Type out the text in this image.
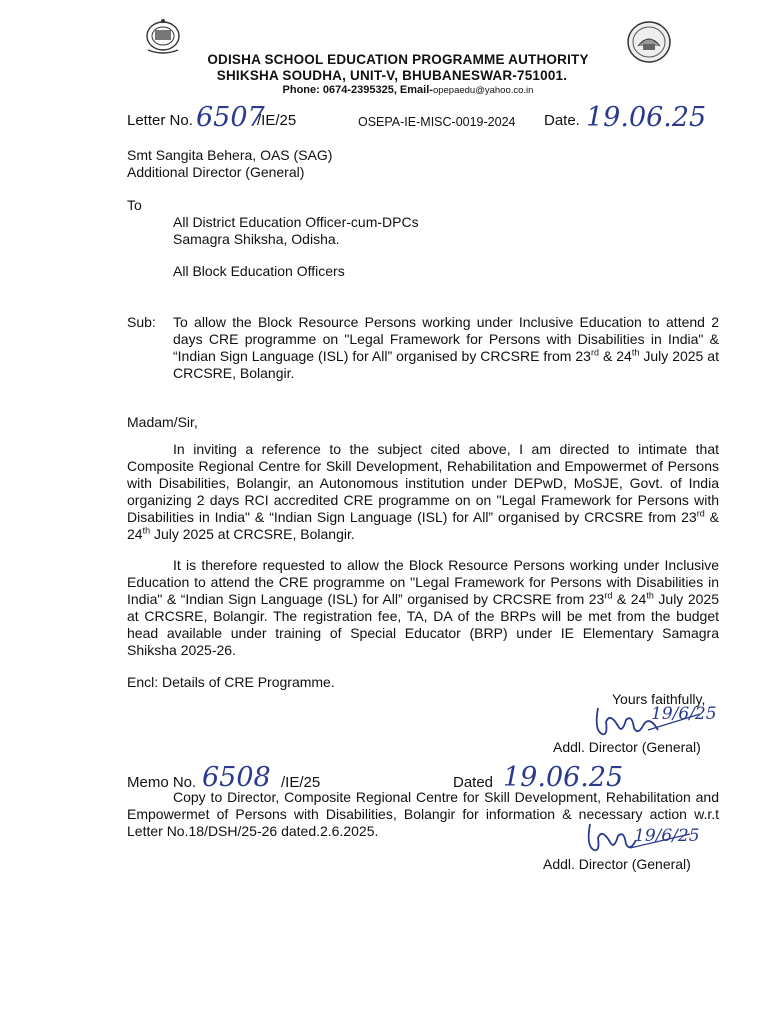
ODISHA SCHOOL EDUCATION PROGRAMME AUTHORITY
SHIKSHA SOUDHA, UNIT-V, BHUBANESWAR-751001.
Phone: 0674-2395325, Email-opepaedu@yahoo.co.in
Letter No. 6507
/IE/25	OSEPA-IE-MISC-0019-2024 Date. 19.06.25
Smt Sangita Behera, OAS (SAG)
Additional Director (General)
To
All District Education Officer-cum-DPCs
Samagra Shiksha, Odisha.
All Block Education Officers
Sub: To allow the Block Resource Persons working under Inclusive Education to attend 2 days CRE programme on "Legal Framework for Persons with Disabilities in India" & “Indian Sign Language (ISL) for All” organised by CRCSRE from 23rd & 24th July 2025 at CRCSRE, Bolangir.
Madam/Sir,
In inviting a reference to the subject cited above, I am directed to intimate that Composite Regional Centre for Skill Development, Rehabilitation and Empowermet of Persons with Disabilities, Bolangir, an Autonomous institution under DEPwD, MoSJE, Govt. of India organizing 2 days RCI accredited CRE programme on on "Legal Framework for Persons with Disabilities in India" & “Indian Sign Language (ISL) for All” organised by CRCSRE from 23rd & 24th July 2025 at CRCSRE, Bolangir.
It is therefore requested to allow the Block Resource Persons working under Inclusive Education to attend the CRE programme on "Legal Framework for Persons with Disabilities in India" & “Indian Sign Language (ISL) for All” organised by CRCSRE from 23rd & 24th July 2025 at CRCSRE, Bolangir. The registration fee, TA, DA of the BRPs will be met from the budget head available under training of Special Educator (BRP) under IE Elementary Samagra Shiksha 2025-26.
Encl: Details of CRE Programme.
Yours faithfully,
19/6/25
Addl. Director (General)
Memo No. 6508 /IE/25	Dated 19.06.25
Copy to Director, Composite Regional Centre for Skill Development, Rehabilitation and Empowermet of Persons with Disabilities, Bolangir for information & necessary action w.r.t Letter No.18/DSH/25-26 dated.2.6.2025.	19/6/25
Addl. Director (General)
